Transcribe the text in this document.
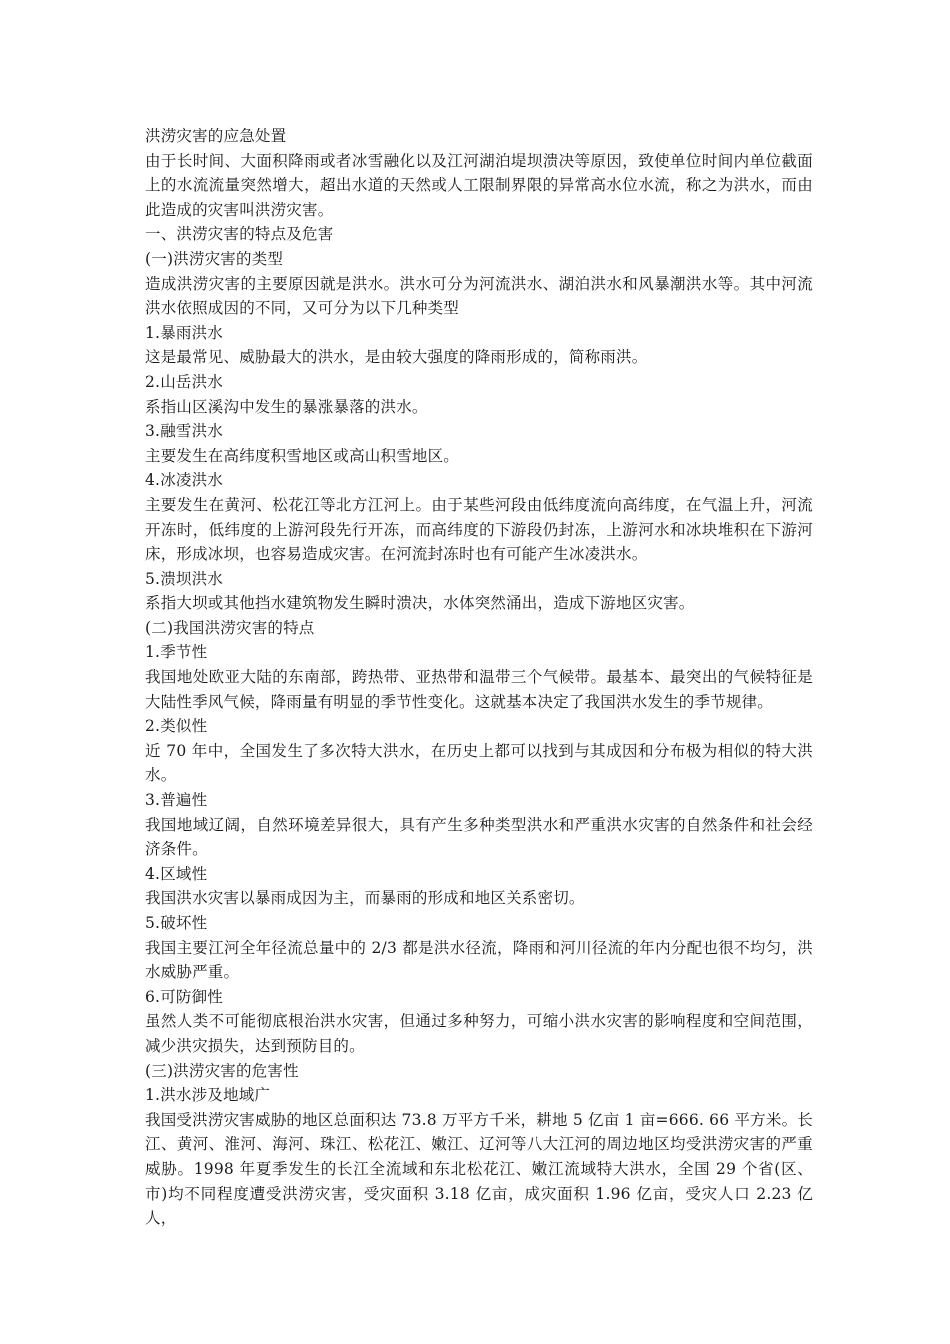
洪涝灾害的应急处置

由于长时间、大面积降雨或者冰雪融化以及江河湖泊堤坝溃决等原因，致使单位时间内单位截面上的水流流量突然增大，超出水道的天然或人工限制界限的异常高水位水流，称之为洪水，而由此造成的灾害叫洪涝灾害。

一、洪涝灾害的特点及危害

(一)洪涝灾害的类型

造成洪涝灾害的主要原因就是洪水。洪水可分为河流洪水、湖泊洪水和风暴潮洪水等。其中河流洪水依照成因的不同，又可分为以下几种类型

1.暴雨洪水

这是最常见、威胁最大的洪水，是由较大强度的降雨形成的，简称雨洪。

2.山岳洪水

系指山区溪沟中发生的暴涨暴落的洪水。

3.融雪洪水

主要发生在高纬度积雪地区或高山积雪地区。

4.冰凌洪水

主要发生在黄河、松花江等北方江河上。由于某些河段由低纬度流向高纬度，在气温上升，河流开冻时，低纬度的上游河段先行开冻，而高纬度的下游段仍封冻，上游河水和冰块堆积在下游河床，形成冰坝，也容易造成灾害。在河流封冻时也有可能产生冰凌洪水。

5.溃坝洪水

系指大坝或其他挡水建筑物发生瞬时溃决，水体突然涌出，造成下游地区灾害。

(二)我国洪涝灾害的特点

1.季节性

我国地处欧亚大陆的东南部，跨热带、亚热带和温带三个气候带。最基本、最突出的气候特征是大陆性季风气候，降雨量有明显的季节性变化。这就基本决定了我国洪水发生的季节规律。

2.类似性

近 70 年中，全国发生了多次特大洪水，在历史上都可以找到与其成因和分布极为相似的特大洪水。

3.普遍性

我国地域辽阔，自然环境差异很大，具有产生多种类型洪水和严重洪水灾害的自然条件和社会经济条件。

4.区域性

我国洪水灾害以暴雨成因为主，而暴雨的形成和地区关系密切。

5.破坏性

我国主要江河全年径流总量中的 2/3 都是洪水径流，降雨和河川径流的年内分配也很不均匀，洪水威胁严重。

6.可防御性

虽然人类不可能彻底根治洪水灾害，但通过多种努力，可缩小洪水灾害的影响程度和空间范围，减少洪灾损失，达到预防目的。

(三)洪涝灾害的危害性

1.洪水涉及地域广

我国受洪涝灾害威胁的地区总面积达 73.8 万平方千米，耕地 5 亿亩 1 亩=666. 66 平方米。长江、黄河、淮河、海河、珠江、松花江、嫩江、辽河等八大江河的周边地区均受洪涝灾害的严重威胁。1998 年夏季发生的长江全流域和东北松花江、嫩江流域特大洪水，全国 29 个省(区、市)均不同程度遭受洪涝灾害，受灾面积 3.18 亿亩，成灾面积 1.96 亿亩，受灾人口 2.23 亿人，
